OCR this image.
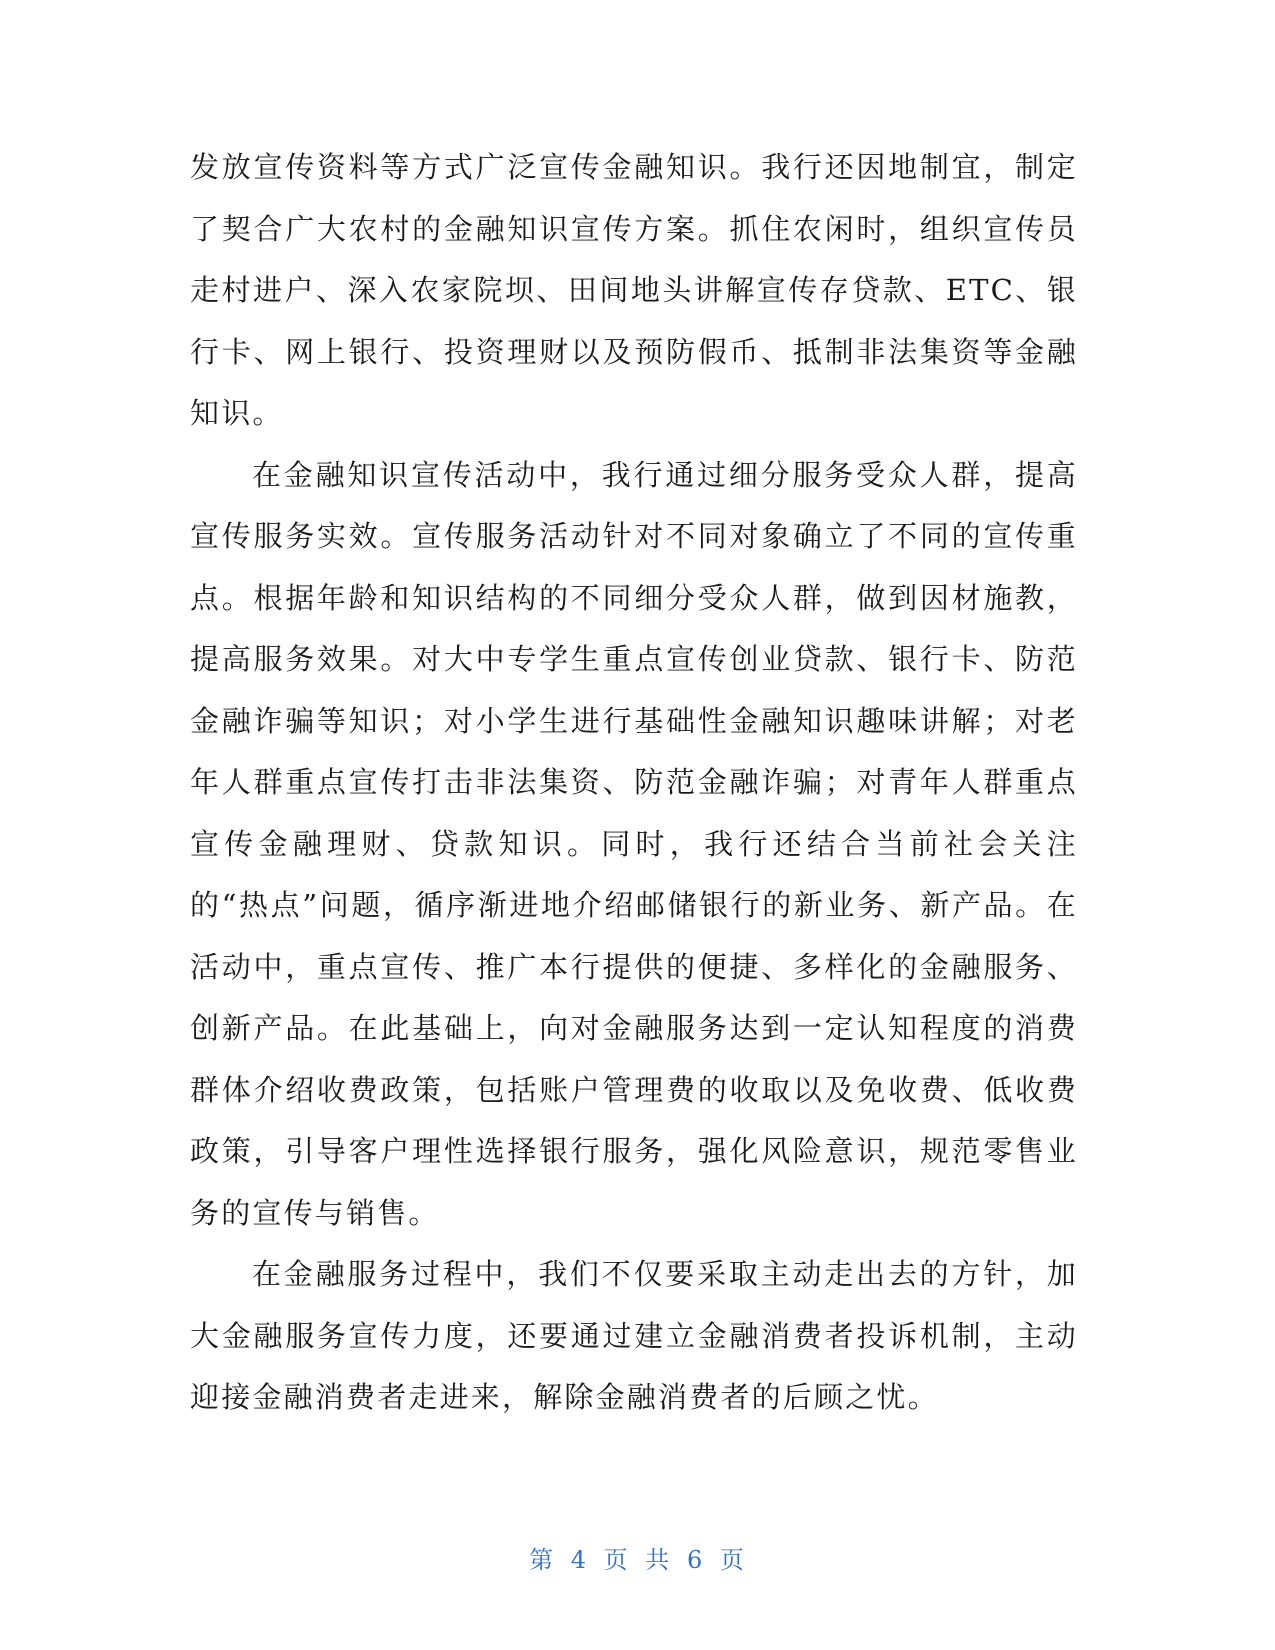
发放宣传资料等方式广泛宣传金融知识。我行还因地制宜，制定了契合广大农村的金融知识宣传方案。抓住农闲时，组织宣传员走村进户、深入农家院坝、田间地头讲解宣传存贷款、ETC、银行卡、网上银行、投资理财以及预防假币、抵制非法集资等金融知识。

在金融知识宣传活动中，我行通过细分服务受众人群，提高宣传服务实效。宣传服务活动针对不同对象确立了不同的宣传重点。根据年龄和知识结构的不同细分受众人群，做到因材施教，提高服务效果。对大中专学生重点宣传创业贷款、银行卡、防范金融诈骗等知识；对小学生进行基础性金融知识趣味讲解；对老年人群重点宣传打击非法集资、防范金融诈骗；对青年人群重点宣传金融理财、贷款知识。同时，我行还结合当前社会关注的“热点”问题，循序渐进地介绍邮储银行的新业务、新产品。在活动中，重点宣传、推广本行提供的便捷、多样化的金融服务、创新产品。在此基础上，向对金融服务达到一定认知程度的消费群体介绍收费政策，包括账户管理费的收取以及免收费、低收费政策，引导客户理性选择银行服务，强化风险意识，规范零售业务的宣传与销售。

在金融服务过程中，我们不仅要采取主动走出去的方针，加大金融服务宣传力度，还要通过建立金融消费者投诉机制，主动迎接金融消费者走进来，解除金融消费者的后顾之忧。

第 4 页 共 6 页
